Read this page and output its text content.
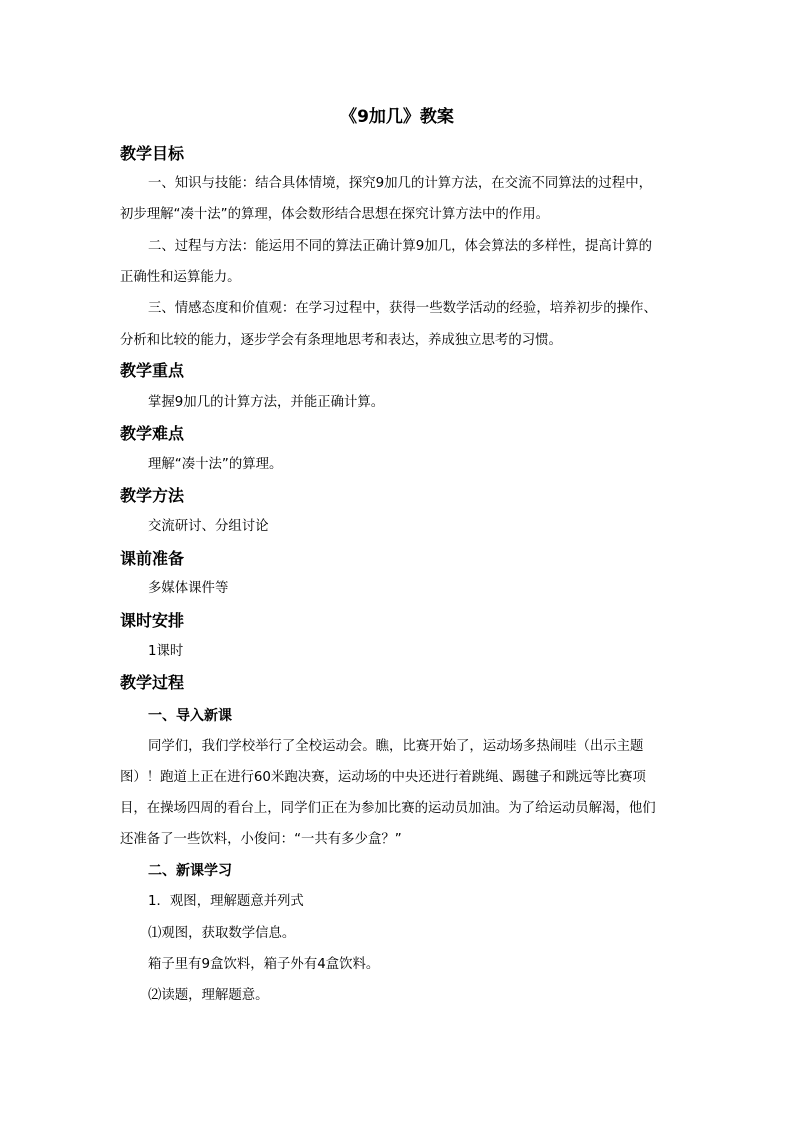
《9加几》教案
教学目标
一、知识与技能：结合具体情境，探究9加几的计算方法，在交流不同算法的过程中，
初步理解“凑十法”的算理，体会数形结合思想在探究计算方法中的作用。
二、过程与方法：能运用不同的算法正确计算9加几，体会算法的多样性，提高计算的
正确性和运算能力。
三、情感态度和价值观：在学习过程中，获得一些数学活动的经验，培养初步的操作、
分析和比较的能力，逐步学会有条理地思考和表达，养成独立思考的习惯。
教学重点
掌握9加几的计算方法，并能正确计算。
教学难点
理解“凑十法”的算理。
教学方法
交流研讨、分组讨论
课前准备
多媒体课件等
课时安排
1课时
教学过程
一、导入新课
同学们，我们学校举行了全校运动会。瞧，比赛开始了，运动场多热闹哇（出示主题
图）！跑道上正在进行60米跑决赛，运动场的中央还进行着跳绳、踢毽子和跳远等比赛项
目，在操场四周的看台上，同学们正在为参加比赛的运动员加油。为了给运动员解渴，他们
还准备了一些饮料，小俊问：“一共有多少盒？”
二、新课学习
1．观图，理解题意并列式
⑴观图，获取数学信息。
箱子里有9盒饮料，箱子外有4盒饮料。
⑵读题，理解题意。
